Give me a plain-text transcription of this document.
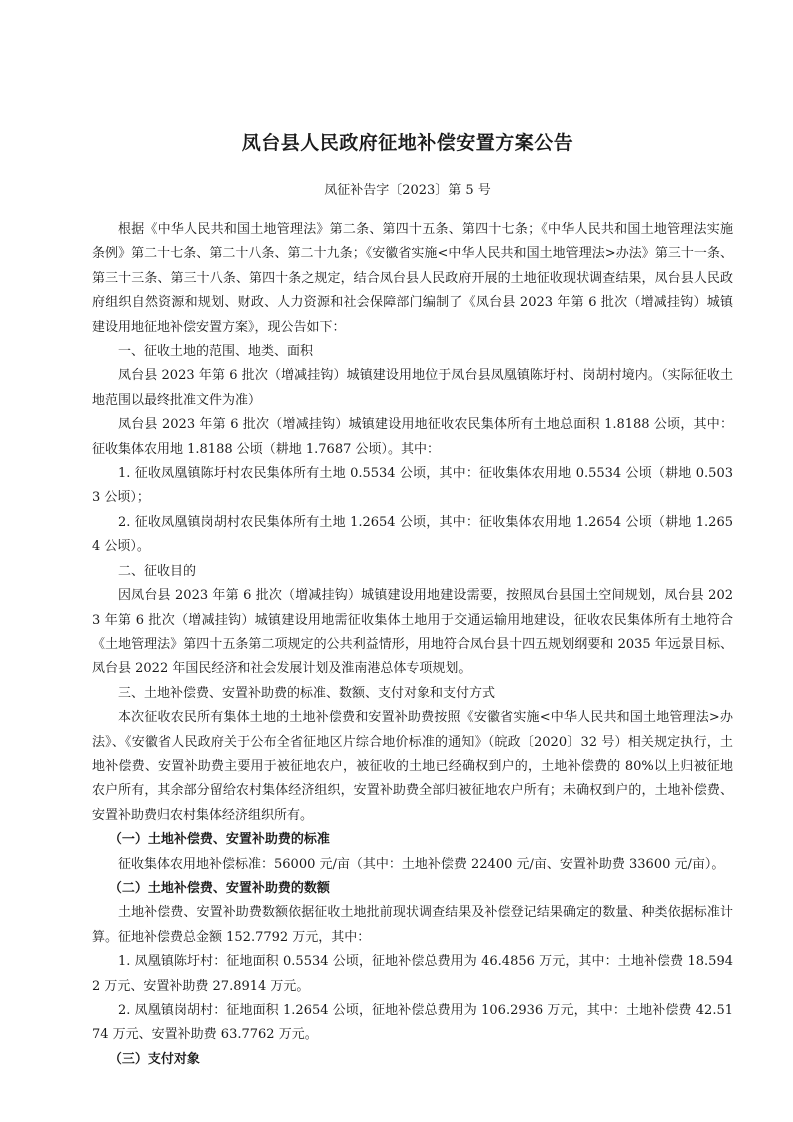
凤台县人民政府征地补偿安置方案公告
凤征补告字〔2023〕第 5 号

根据《中华人民共和国土地管理法》第二条、第四十五条、第四十七条；《中华人民共和国土地管理法实施条例》第二十七条、第二十八条、第二十九条；《安徽省实施<中华人民共和国土地管理法>办法》第三十一条、第三十三条、第三十八条、第四十条之规定，结合凤台县人民政府开展的土地征收现状调查结果，凤台县人民政府组织自然资源和规划、财政、人力资源和社会保障部门编制了《凤台县 2023 年第 6 批次（增减挂钩）城镇建设用地征地补偿安置方案》，现公告如下：

一、征收土地的范围、地类、面积

凤台县 2023 年第 6 批次（增减挂钩）城镇建设用地位于凤台县凤凰镇陈圩村、岗胡村境内。（实际征收土地范围以最终批准文件为准）

凤台县 2023 年第 6 批次（增减挂钩）城镇建设用地征收农民集体所有土地总面积 1.8188 公顷，其中：征收集体农用地 1.8188 公顷（耕地 1.7687 公顷）。其中：

1. 征收凤凰镇陈圩村农民集体所有土地 0.5534 公顷，其中：征收集体农用地 0.5534 公顷（耕地 0.5033 公顷）；

2. 征收凤凰镇岗胡村农民集体所有土地 1.2654 公顷，其中：征收集体农用地 1.2654 公顷（耕地 1.2654 公顷）。

二、征收目的

因凤台县 2023 年第 6 批次（增减挂钩）城镇建设用地建设需要，按照凤台县国土空间规划，凤台县 2023 年第 6 批次（增减挂钩）城镇建设用地需征收集体土地用于交通运输用地建设，征收农民集体所有土地符合《土地管理法》第四十五条第二项规定的公共利益情形，用地符合凤台县十四五规划纲要和 2035 年远景目标、凤台县 2022 年国民经济和社会发展计划及淮南港总体专项规划。

三、土地补偿费、安置补助费的标准、数额、支付对象和支付方式

本次征收农民所有集体土地的土地补偿费和安置补助费按照《安徽省实施<中华人民共和国土地管理法>办法》、《安徽省人民政府关于公布全省征地区片综合地价标准的通知》（皖政〔2020〕32 号）相关规定执行，土地补偿费、安置补助费主要用于被征地农户，被征收的土地已经确权到户的，土地补偿费的 80%以上归被征地农户所有，其余部分留给农村集体经济组织，安置补助费全部归被征地农户所有；未确权到户的，土地补偿费、安置补助费归农村集体经济组织所有。

（一）土地补偿费、安置补助费的标准

征收集体农用地补偿标准：56000 元/亩（其中：土地补偿费 22400 元/亩、安置补助费 33600 元/亩）。

（二）土地补偿费、安置补助费的数额

土地补偿费、安置补助费数额依据征收土地批前现状调查结果及补偿登记结果确定的数量、种类依据标准计算。征地补偿费总金额 152.7792 万元，其中：

1. 凤凰镇陈圩村：征地面积 0.5534 公顷，征地补偿总费用为 46.4856 万元，其中：土地补偿费 18.5942 万元、安置补助费 27.8914 万元。

2. 凤凰镇岗胡村：征地面积 1.2654 公顷，征地补偿总费用为 106.2936 万元，其中：土地补偿费 42.5174 万元、安置补助费 63.7762 万元。

（三）支付对象
